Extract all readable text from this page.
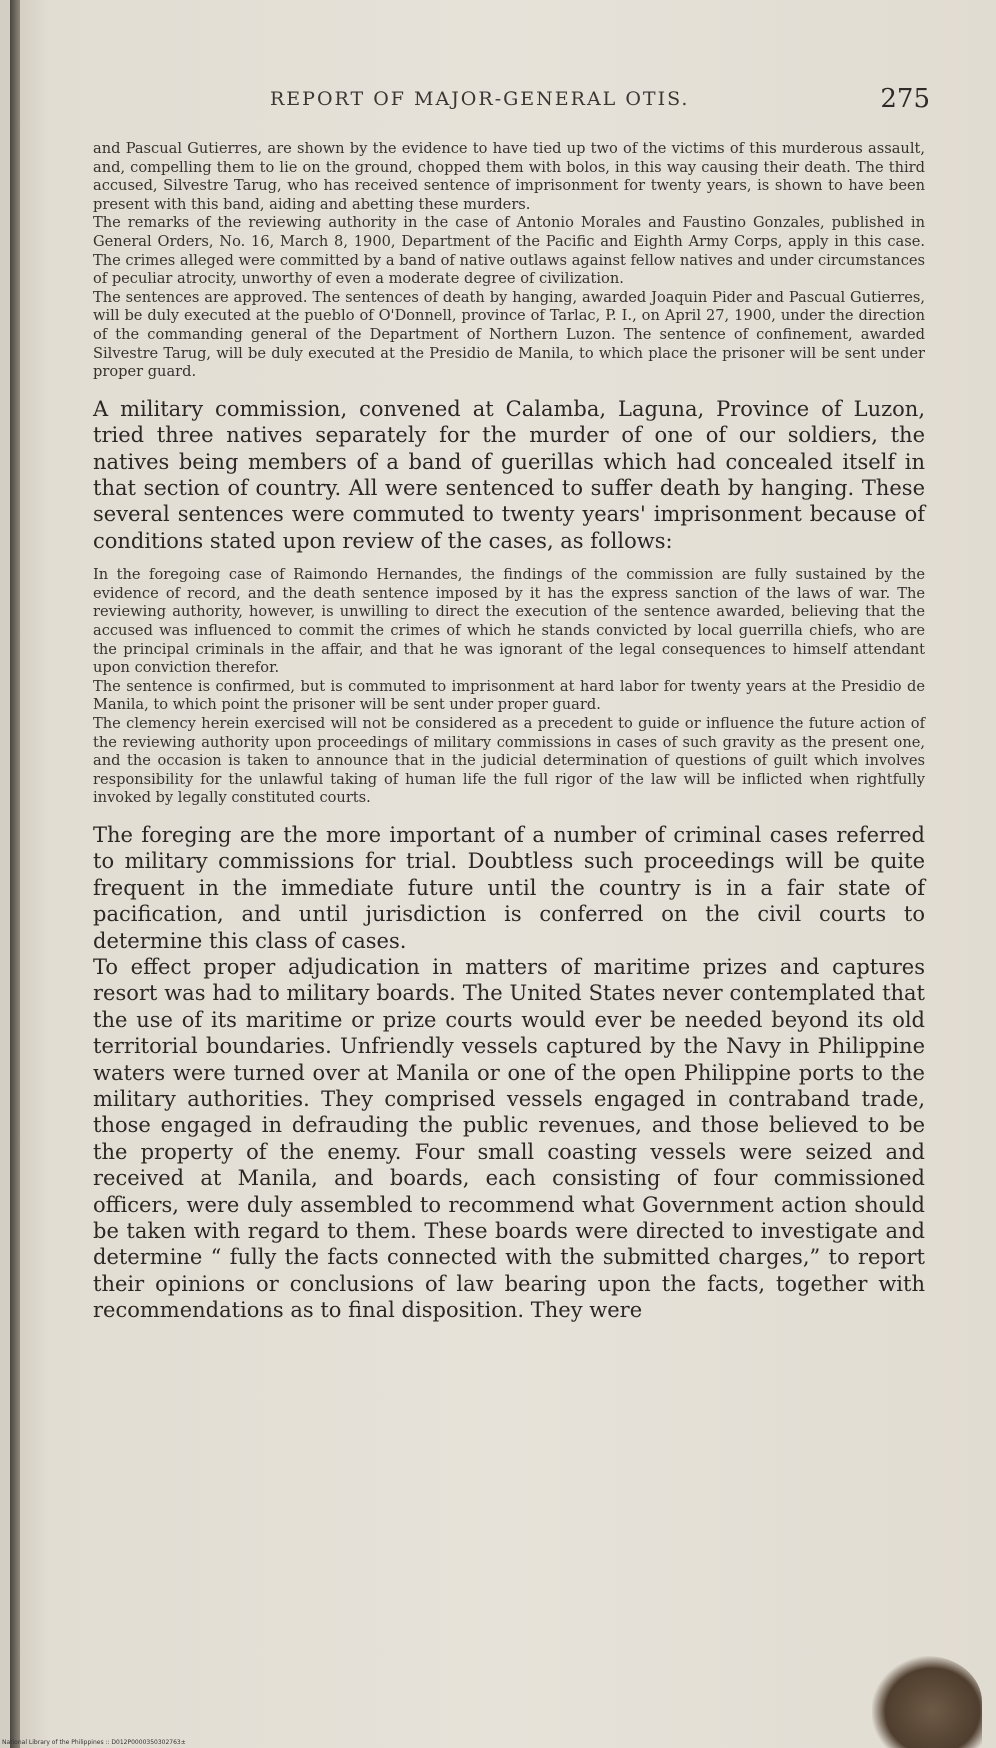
REPORT OF MAJOR-GENERAL OTIS.	275

and Pascual Gutierres, are shown by the evidence to have tied up two of the victims of this murderous assault, and, compelling them to lie on the ground, chopped them with bolos, in this way causing their death. The third accused, Silvestre Tarug, who has received sentence of imprisonment for twenty years, is shown to have been present with this band, aiding and abetting these murders.

The remarks of the reviewing authority in the case of Antonio Morales and Faustino Gonzales, published in General Orders, No. 16, March 8, 1900, Department of the Pacific and Eighth Army Corps, apply in this case. The crimes alleged were committed by a band of native outlaws against fellow natives and under circumstances of peculiar atrocity, unworthy of even a moderate degree of civilization.

The sentences are approved. The sentences of death by hanging, awarded Joaquin Pider and Pascual Gutierres, will be duly executed at the pueblo of O'Donnell, province of Tarlac, P. I., on April 27, 1900, under the direction of the commanding general of the Department of Northern Luzon. The sentence of confinement, awarded Silvestre Tarug, will be duly executed at the Presidio de Manila, to which place the prisoner will be sent under proper guard.

A military commission, convened at Calamba, Laguna, Province of Luzon, tried three natives separately for the murder of one of our soldiers, the natives being members of a band of guerillas which had concealed itself in that section of country. All were sentenced to suffer death by hanging. These several sentences were commuted to twenty years' imprisonment because of conditions stated upon review of the cases, as follows:

In the foregoing case of Raimondo Hernandes, the findings of the commission are fully sustained by the evidence of record, and the death sentence imposed by it has the express sanction of the laws of war. The reviewing authority, however, is unwilling to direct the execution of the sentence awarded, believing that the accused was influenced to commit the crimes of which he stands convicted by local guerrilla chiefs, who are the principal criminals in the affair, and that he was ignorant of the legal consequences to himself attendant upon conviction therefor.

The sentence is confirmed, but is commuted to imprisonment at hard labor for twenty years at the Presidio de Manila, to which point the prisoner will be sent under proper guard.

The clemency herein exercised will not be considered as a precedent to guide or influence the future action of the reviewing authority upon proceedings of military commissions in cases of such gravity as the present one, and the occasion is taken to announce that in the judicial determination of questions of guilt which involves responsibility for the unlawful taking of human life the full rigor of the law will be inflicted when rightfully invoked by legally constituted courts.

The foreging are the more important of a number of criminal cases referred to military commissions for trial. Doubtless such proceedings will be quite frequent in the immediate future until the country is in a fair state of pacification, and until jurisdiction is conferred on the civil courts to determine this class of cases.

To effect proper adjudication in matters of maritime prizes and captures resort was had to military boards. The United States never contemplated that the use of its maritime or prize courts would ever be needed beyond its old territorial boundaries. Unfriendly vessels captured by the Navy in Philippine waters were turned over at Manila or one of the open Philippine ports to the military authorities. They comprised vessels engaged in contraband trade, those engaged in defrauding the public revenues, and those believed to be the property of the enemy. Four small coasting vessels were seized and received at Manila, and boards, each consisting of four commissioned officers, were duly assembled to recommend what Government action should be taken with regard to them. These boards were directed to investigate and determine “ fully the facts connected with the submitted charges,” to report their opinions or conclusions of law bearing upon the facts, together with recommendations as to final disposition. They were

National Library of the Philippines :: D012P0000350302763±
